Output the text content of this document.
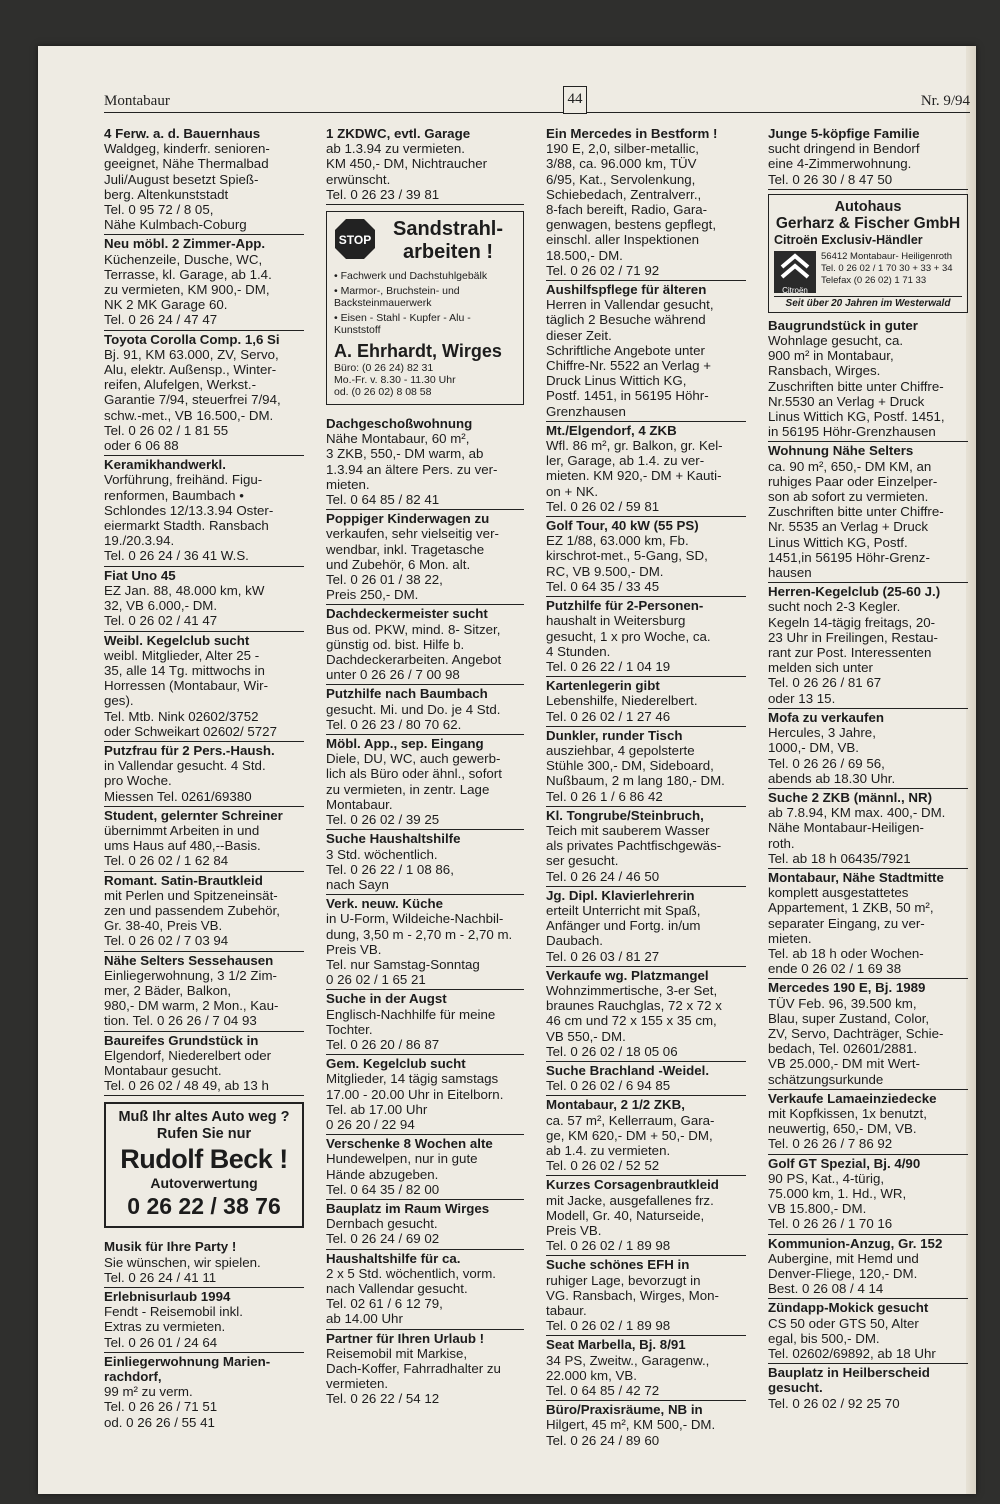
Montabaur	44	Nr. 9/94
4 Ferw. a. d. Bauernhaus
Waldgeg, kinderfr. senioren-
geeignet, Nähe Thermalbad
Juli/August besetzt Spieß-
berg. Altenkunststadt
Tel. 0 95 72 / 8 05,
Nähe Kulmbach-Coburg
Neu möbl. 2 Zimmer-App.
Küchenzeile, Dusche, WC,
Terrasse, kl. Garage, ab 1.4.
zu vermieten, KM 900,- DM,
NK 2 MK Garage 60.
Tel. 0 26 24 / 47 47
Toyota Corolla Comp. 1,6 Si
Bj. 91, KM 63.000, ZV, Servo,
Alu, elektr. Außensp., Winter-
reifen, Alufelgen, Werkst.-
Garantie 7/94, steuerfrei 7/94,
schw.-met., VB 16.500,- DM.
Tel. 0 26 02 / 1 81 55
oder 6 06 88
Keramikhandwerkl.
Vorführung, freihänd. Figu-
renformen, Baumbach •
Schlondes 12/13.3.94 Oster-
eiermarkt Stadth. Ransbach
19./20.3.94.
Tel. 0 26 24 / 36 41 W.S.
Fiat Uno 45
EZ Jan. 88, 48.000 km, kW
32, VB 6.000,- DM.
Tel. 0 26 02 / 41 47
Weibl. Kegelclub sucht
weibl. Mitglieder, Alter 25 -
35, alle 14 Tg. mittwochs in
Horressen (Montabaur, Wir-
ges).
Tel. Mtb. Nink 02602/3752
oder Schweikart 02602/ 5727
Putzfrau für 2 Pers.-Haush.
in Vallendar gesucht. 4 Std.
pro Woche.
Miessen Tel. 0261/69380
Student, gelernter Schreiner
übernimmt Arbeiten in und
ums Haus auf 480,--Basis.
Tel. 0 26 02 / 1 62 84
Romant. Satin-Brautkleid
mit Perlen und Spitzeneinsät-
zen und passendem Zubehör,
Gr. 38-40, Preis VB.
Tel. 0 26 02 / 7 03 94
Nähe Selters Sessehausen
Einliegerwohnung, 3 1/2 Zim-
mer, 2 Bäder, Balkon,
980,- DM warm, 2 Mon., Kau-
tion. Tel. 0 26 26 / 7 04 93
Baureifes Grundstück in
Elgendorf, Niederelbert oder
Montabaur gesucht.
Tel. 0 26 02 / 48 49, ab 13 h
Muß Ihr altes Auto weg ?
Rufen Sie nur
Rudolf Beck !
Autoverwertung
0 26 22 / 38 76
Musik für Ihre Party !
Sie wünschen, wir spielen.
Tel. 0 26 24 / 41 11
Erlebnisurlaub 1994
Fendt - Reisemobil inkl.
Extras zu vermieten.
Tel. 0 26 01 / 24 64
Einliegerwohnung Marien-
rachdorf,
99 m² zu verm.
Tel. 0 26 26 / 71 51
od. 0 26 26 / 55 41
1 ZKDWC, evtl. Garage
ab 1.3.94 zu vermieten.
KM 450,- DM, Nichtraucher
erwünscht.
Tel. 0 26 23 / 39 81
STOP	Sandstrahl-
arbeiten !
• Fachwerk und Dachstuhlgebälk
• Marmor-, Bruchstein- und Backsteinmauerwerk
• Eisen - Stahl - Kupfer - Alu - Kunststoff
A. Ehrhardt, Wirges
Büro: (0 26 24) 82 31
Mo.-Fr. v. 8.30 - 11.30 Uhr
od. (0 26 02) 8 08 58
Dachgeschoßwohnung
Nähe Montabaur, 60 m²,
3 ZKB, 550,- DM warm, ab
1.3.94 an ältere Pers. zu ver-
mieten.
Tel. 0 64 85 / 82 41
Poppiger Kinderwagen zu
verkaufen, sehr vielseitig ver-
wendbar, inkl. Tragetasche
und Zubehör, 6 Mon. alt.
Tel. 0 26 01 / 38 22,
Preis 250,- DM.
Dachdeckermeister sucht
Bus od. PKW, mind. 8- Sitzer,
günstig od. bist. Hilfe b.
Dachdeckerarbeiten. Angebot
unter 0 26 26 / 7 00 98
Putzhilfe nach Baumbach
gesucht. Mi. und Do. je 4 Std.
Tel. 0 26 23 / 80 70 62.
Möbl. App., sep. Eingang
Diele, DU, WC, auch gewerb-
lich als Büro oder ähnl., sofort
zu vermieten, in zentr. Lage
Montabaur.
Tel. 0 26 02 / 39 25
Suche Haushaltshilfe
3 Std. wöchentlich.
Tel. 0 26 22 / 1 08 86,
nach Sayn
Verk. neuw. Küche
in U-Form, Wildeiche-Nachbil-
dung, 3,50 m - 2,70 m - 2,70 m.
Preis VB.
Tel. nur Samstag-Sonntag
0 26 02 / 1 65 21
Suche in der Augst
Englisch-Nachhilfe für meine
Tochter.
Tel. 0 26 20 / 86 87
Gem. Kegelclub sucht
Mitglieder, 14 tägig samstags
17.00 - 20.00 Uhr in Eitelborn.
Tel. ab 17.00 Uhr
0 26 20 / 22 94
Verschenke 8 Wochen alte
Hundewelpen, nur in gute
Hände abzugeben.
Tel. 0 64 35 / 82 00
Bauplatz im Raum Wirges
Dernbach gesucht.
Tel. 0 26 24 / 69 02
Haushaltshilfe für ca.
2 x 5 Std. wöchentlich, vorm.
nach Vallendar gesucht.
Tel. 02 61 / 6 12 79,
ab 14.00 Uhr
Partner für Ihren Urlaub !
Reisemobil mit Markise,
Dach-Koffer, Fahrradhalter zu
vermieten.
Tel. 0 26 22 / 54 12
Ein Mercedes in Bestform !
190 E, 2,0, silber-metallic,
3/88, ca. 96.000 km, TÜV
6/95, Kat., Servolenkung,
Schiebedach, Zentralverr.,
8-fach bereift, Radio, Gara-
genwagen, bestens gepflegt,
einschl. aller Inspektionen
18.500,- DM.
Tel. 0 26 02 / 71 92
Aushilfspflege für älteren
Herren in Vallendar gesucht,
täglich 2 Besuche während
dieser Zeit.
Schriftliche Angebote unter
Chiffre-Nr. 5522 an Verlag +
Druck Linus Wittich KG,
Postf. 1451, in 56195 Höhr-
Grenzhausen
Mt./Elgendorf, 4 ZKB
Wfl. 86 m², gr. Balkon, gr. Kel-
ler, Garage, ab 1.4. zu ver-
mieten. KM 920,- DM + Kauti-
on + NK.
Tel. 0 26 02 / 59 81
Golf Tour, 40 kW (55 PS)
EZ 1/88, 63.000 km, Fb.
kirschrot-met., 5-Gang, SD,
RC, VB 9.500,- DM.
Tel. 0 64 35 / 33 45
Putzhilfe für 2-Personen-
haushalt in Weitersburg
gesucht, 1 x pro Woche, ca.
4 Stunden.
Tel. 0 26 22 / 1 04 19
Kartenlegerin gibt
Lebenshilfe, Niederelbert.
Tel. 0 26 02 / 1 27 46
Dunkler, runder Tisch
ausziehbar, 4 gepolsterte
Stühle 300,- DM, Sideboard,
Nußbaum, 2 m lang 180,- DM.
Tel. 0 26 1 / 6 86 42
Kl. Tongrube/Steinbruch,
Teich mit sauberem Wasser
als privates Pachtfischgewäs-
ser gesucht.
Tel. 0 26 24 / 46 50
Jg. Dipl. Klavierlehrerin
erteilt Unterricht mit Spaß,
Anfänger und Fortg. in/um
Daubach.
Tel. 0 26 03 / 81 27
Verkaufe wg. Platzmangel
Wohnzimmertische, 3-er Set,
braunes Rauchglas, 72 x 72 x
46 cm und 72 x 155 x 35 cm,
VB 550,- DM.
Tel. 0 26 02 / 18 05 06
Suche Brachland -Weidel.
Tel. 0 26 02 / 6 94 85
Montabaur, 2 1/2 ZKB,
ca. 57 m², Kellerraum, Gara-
ge, KM 620,- DM + 50,- DM,
ab 1.4. zu vermieten.
Tel. 0 26 02 / 52 52
Kurzes Corsagenbrautkleid
mit Jacke, ausgefallenes frz.
Modell, Gr. 40, Naturseide,
Preis VB.
Tel. 0 26 02 / 1 89 98
Suche schönes EFH in
ruhiger Lage, bevorzugt in
VG. Ransbach, Wirges, Mon-
tabaur.
Tel. 0 26 02 / 1 89 98
Seat Marbella, Bj. 8/91
34 PS, Zweitw., Garagenw.,
22.000 km, VB.
Tel. 0 64 85 / 42 72
Büro/Praxisräume, NB in
Hilgert, 45 m², KM 500,- DM.
Tel. 0 26 24 / 89 60
Junge 5-köpfige Familie
sucht dringend in Bendorf
eine 4-Zimmerwohnung.
Tel. 0 26 30 / 8 47 50
Autohaus
Gerharz & Fischer GmbH
Citroën Exclusiv-Händler
Citroën
56412 Montabaur- Heiligenroth
Tel. 0 26 02 / 1 70 30 + 33 + 34
Telefax (0 26 02) 1 71 33
Seit über 20 Jahren im Westerwald
Baugrundstück in guter
Wohnlage gesucht, ca.
900 m² in Montabaur,
Ransbach, Wirges.
Zuschriften bitte unter Chiffre-
Nr.5530 an Verlag + Druck
Linus Wittich KG, Postf. 1451,
in 56195 Höhr-Grenzhausen
Wohnung Nähe Selters
ca. 90 m², 650,- DM KM, an
ruhiges Paar oder Einzelper-
son ab sofort zu vermieten.
Zuschriften bitte unter Chiffre-
Nr. 5535 an Verlag + Druck
Linus Wittich KG, Postf.
1451,in 56195 Höhr-Grenz-
hausen
Herren-Kegelclub (25-60 J.)
sucht noch 2-3 Kegler.
Kegeln 14-tägig freitags, 20-
23 Uhr in Freilingen, Restau-
rant zur Post. Interessenten
melden sich unter
Tel. 0 26 26 / 81 67
oder 13 15.
Mofa zu verkaufen
Hercules, 3 Jahre,
1000,- DM, VB.
Tel. 0 26 26 / 69 56,
abends ab 18.30 Uhr.
Suche 2 ZKB (männl., NR)
ab 7.8.94, KM max. 400,- DM.
Nähe Montabaur-Heiligen-
roth.
Tel. ab 18 h 06435/7921
Montabaur, Nähe Stadtmitte
komplett ausgestattetes
Appartement, 1 ZKB, 50 m²,
separater Eingang, zu ver-
mieten.
Tel. ab 18 h oder Wochen-
ende 0 26 02 / 1 69 38
Mercedes 190 E, Bj. 1989
TÜV Feb. 96, 39.500 km,
Blau, super Zustand, Color,
ZV, Servo, Dachträger, Schie-
bedach, Tel. 02601/2881.
VB 25.000,- DM mit Wert-
schätzungsurkunde
Verkaufe Lamaeinziedecke
mit Kopfkissen, 1x benutzt,
neuwertig, 650,- DM, VB.
Tel. 0 26 26 / 7 86 92
Golf GT Spezial, Bj. 4/90
90 PS, Kat., 4-türig,
75.000 km, 1. Hd., WR,
VB 15.800,- DM.
Tel. 0 26 26 / 1 70 16
Kommunion-Anzug, Gr. 152
Aubergine, mit Hemd und
Denver-Fliege, 120,- DM.
Best. 0 26 08 / 4 14
Zündapp-Mokick gesucht
CS 50 oder GTS 50, Alter
egal, bis 500,- DM.
Tel. 02602/69892, ab 18 Uhr
Bauplatz in Heilberscheid
gesucht.
Tel. 0 26 02 / 92 25 70
